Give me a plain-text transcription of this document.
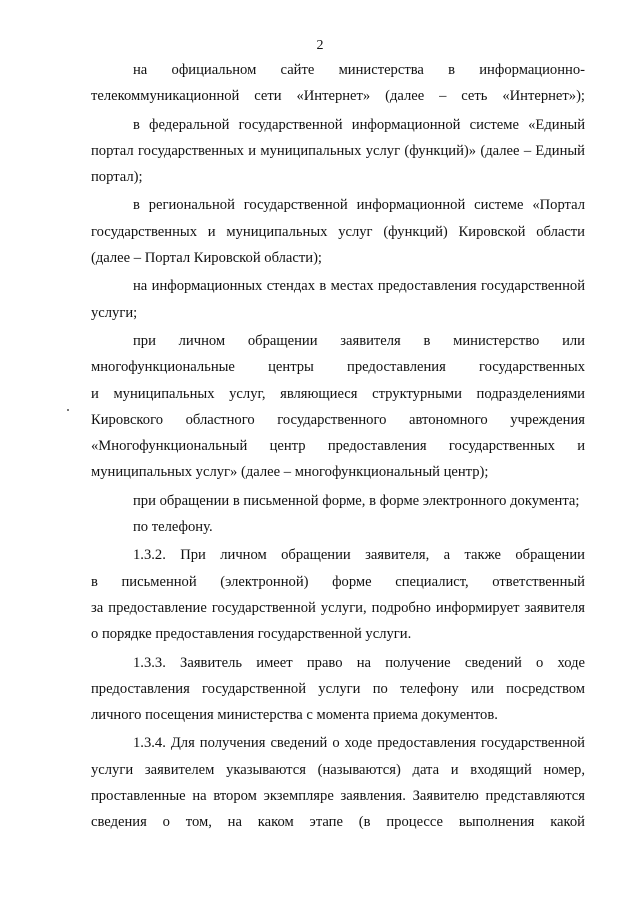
2
на официальном сайте министерства в информационно-
телекоммуникационной сети «Интернет» (далее – сеть «Интернет»);
в федеральной государственной информационной системе «Единый
портал государственных и муниципальных услуг (функций)» (далее – Единый
портал);
в региональной государственной информационной системе «Портал
государственных и муниципальных услуг (функций) Кировской области
(далее – Портал Кировской области);
на информационных стендах в местах предоставления государственной
услуги;
при личном обращении заявителя в министерство или
многофункциональные центры предоставления государственных
и муниципальных услуг, являющиеся структурными подразделениями
Кировского областного государственного автономного учреждения
«Многофункциональный центр предоставления государственных и
муниципальных услуг» (далее – многофункциональный центр);
при обращении в письменной форме, в форме электронного документа;
по телефону.
1.3.2. При личном обращении заявителя, а также обращении
в письменной (электронной) форме специалист, ответственный
за предоставление государственной услуги, подробно информирует заявителя
о порядке предоставления государственной услуги.
1.3.3. Заявитель имеет право на получение сведений о ходе
предоставления государственной услуги по телефону или посредством
личного посещения министерства с момента приема документов.
1.3.4. Для получения сведений о ходе предоставления государственной
услуги заявителем указываются (называются) дата и входящий номер,
проставленные на втором экземпляре заявления. Заявителю представляются
сведения о том, на каком этапе (в процессе выполнения какой
